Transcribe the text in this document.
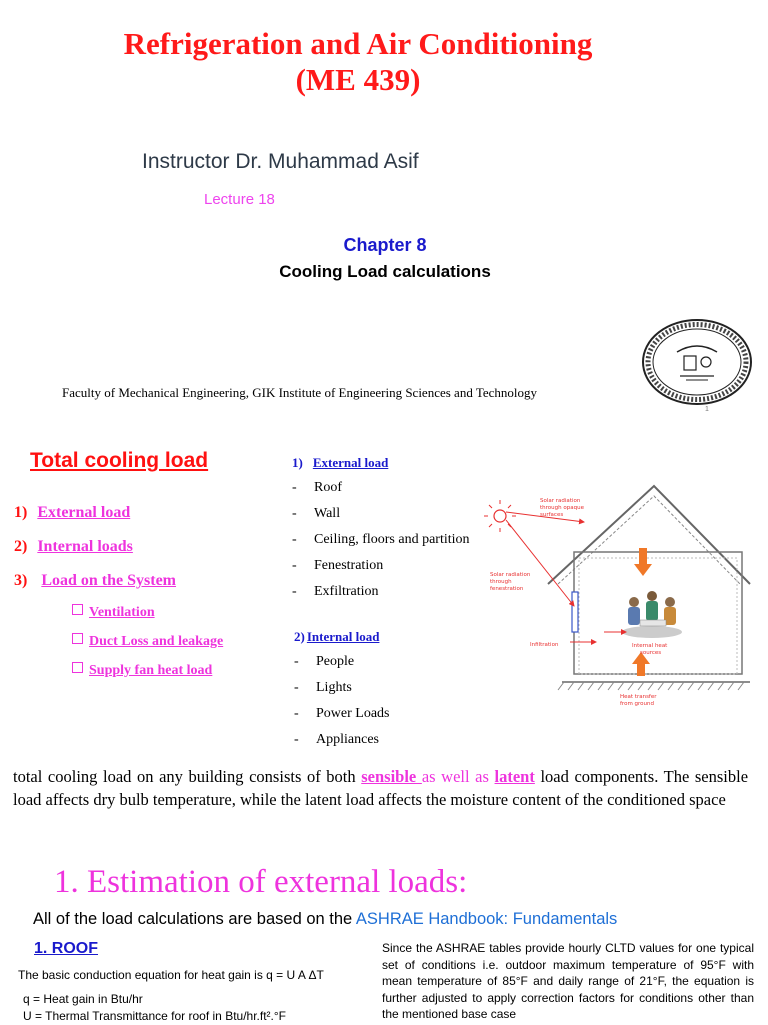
Refrigeration and Air Conditioning
(ME 439)
Instructor Dr. Muhammad Asif
Lecture 18
Chapter 8
Cooling Load calculations
Faculty of Mechanical Engineering, GIK Institute of Engineering Sciences and Technology
1
Total cooling load
1) External load
2) Internal loads
3) Load on the System
Ventilation
Duct Loss and leakage
Supply fan heat load
1) External load
- Roof
- Wall
- Ceiling, floors and partition
- Fenestration
- Exfiltration
2) Internal load
- People
- Lights
- Power Loads
- Appliances
Solar radiation
through opaque
surfaces
Solar radiation
through
fenestration
Infiltration	Internal heat
sources
Heat transfer
from ground
total cooling load on any building consists of both sensible as well as latent load components. The sensible load affects dry bulb temperature, while the latent load affects the moisture content of the conditioned space
1. Estimation of external loads:
All of the load calculations are based on the ASHRAE Handbook: Fundamentals
1. ROOF
The basic conduction equation for heat gain is q = U A ΔT
q = Heat gain in Btu/hr
U = Thermal Transmittance for roof in Btu/hr.ft².°F
Since the ASHRAE tables provide hourly CLTD values for one typical set of conditions i.e. outdoor maximum temperature of 95°F with mean temperature of 85°F and daily range of 21°F, the equation is further adjusted to apply correction factors for conditions other than the mentioned base case
